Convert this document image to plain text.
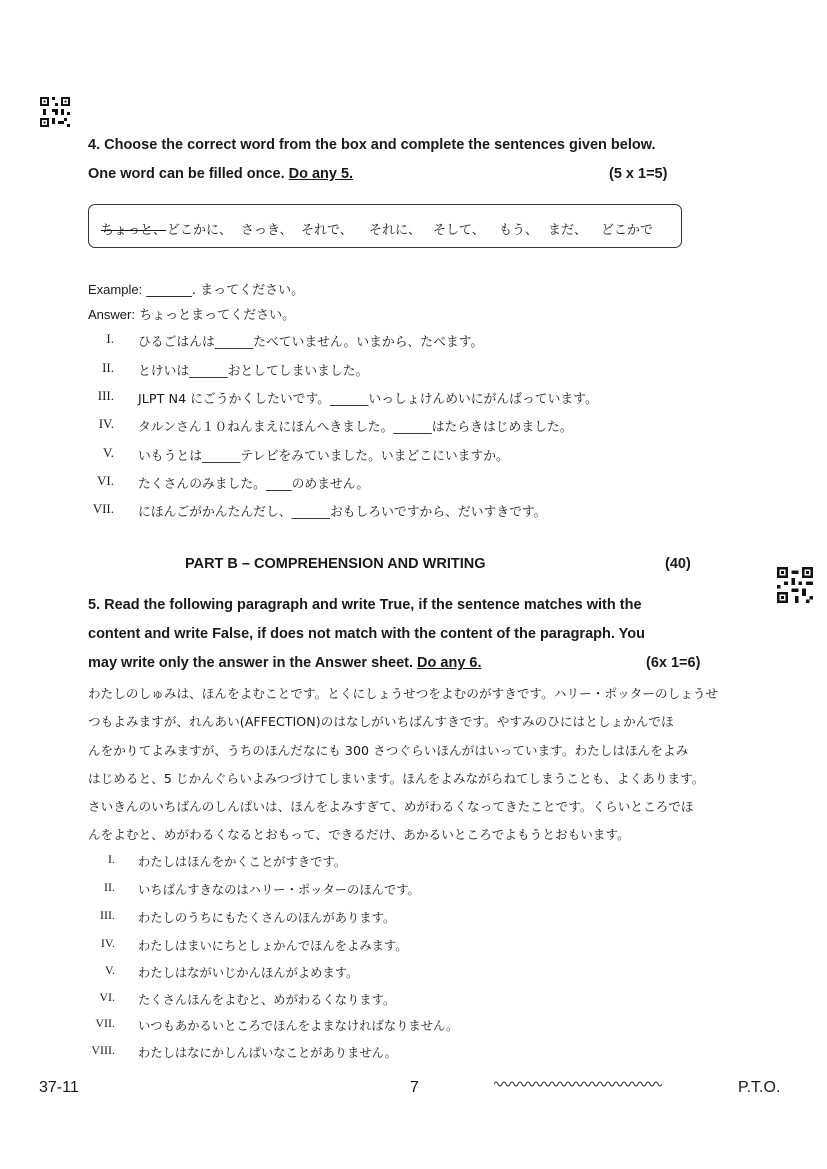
4. Choose the correct word from the box and complete the sentences given below.
One word can be filled once. Do any 5.	(5 x 1=5)
ちょっと、 どこかに、 さっき、 それで、 それに、 そして、 もう、 まだ、 どこかで
Example: _______. まってください。
Answer: ちょっとまってください。
I. ひるごはんは______たべていません。いまから、たべます。
II. とけいは______おとしてしまいました。
III. JLPT N4 にごうかくしたいです。______いっしょけんめいにがんばっています。
IV. タルンさん１０ねんまえにほんへきました。______はたらきはじめました。
V. いもうとは______テレビをみていました。いまどこにいますか。
VI. たくさんのみました。____のめません。
VII. にほんごがかんたんだし、______おもしろいですから、だいすきです。
PART B – COMPREHENSION AND WRITING	(40)
5. Read the following paragraph and write True, if the sentence matches with the
content and write False, if does not match with the content of the paragraph. You
may write only the answer in the Answer sheet. Do any 6.	(6x 1=6)
わたしのしゅみは、ほんをよむことです。とくにしょうせつをよむのがすきです。ハリー・ポッターのしょうせ
つもよみますが、れんあい(AFFECTION)のはなしがいちばんすきです。やすみのひにはとしょかんでほ
んをかりてよみますが、うちのほんだなにも 300 さつぐらいほんがはいっています。わたしはほんをよみ
はじめると、5 じかんぐらいよみつづけてしまいます。ほんをよみながらねてしまうことも、よくあります。
さいきんのいちばんのしんぱいは、ほんをよみすぎて、めがわるくなってきたことです。くらいところでほ
んをよむと、めがわるくなるとおもって、できるだけ、あかるいところでよもうとおもいます。
I. わたしはほんをかくことがすきです。
II. いちばんすきなのはハリー・ポッターのほんです。
III. わたしのうちにもたくさんのほんがあります。
IV. わたしはまいにちとしょかんでほんをよみます。
V. わたしはながいじかんほんがよめます。
VI. たくさんほんをよむと、めがわるくなります。
VII. いつもあかるいところでほんをよまなければなりません。
VIII. わたしはなにかしんぱいなことがありません。
37-11	7	P.T.O.
